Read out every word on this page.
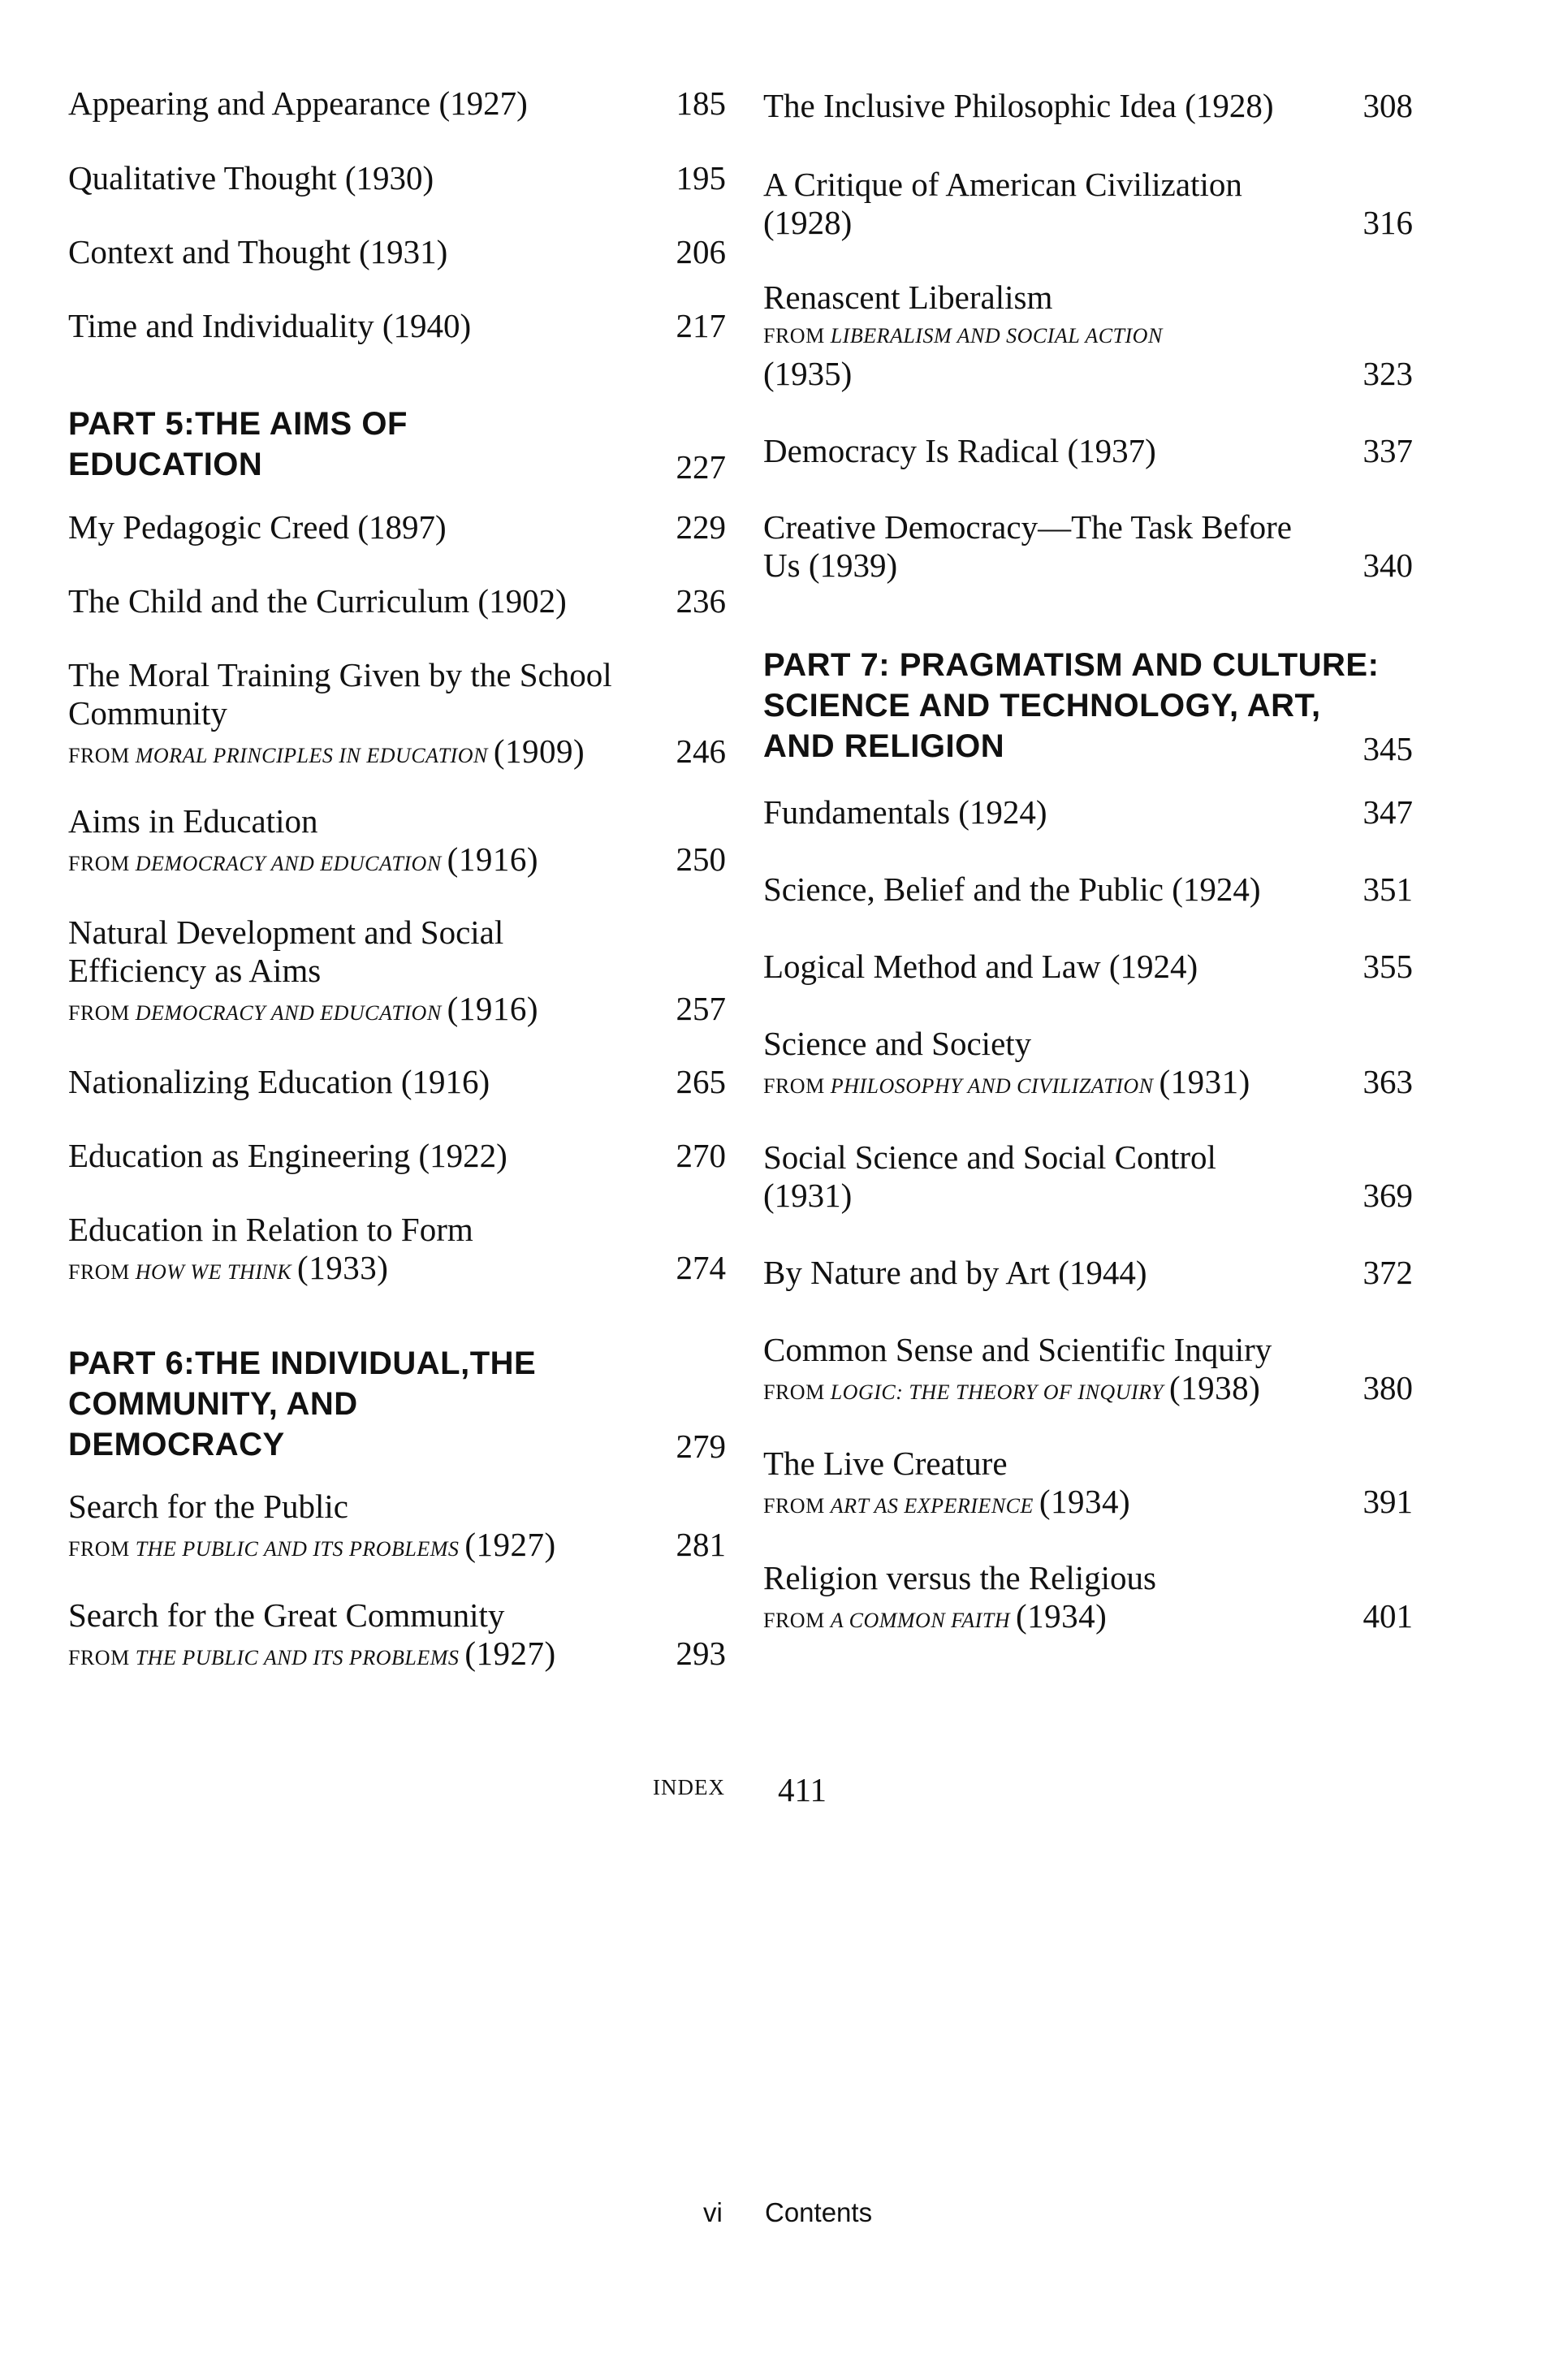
Appearing and Appearance (1927)	185
Qualitative Thought (1930)	195
Context and Thought (1931)	206
Time and Individuality (1940)	217
PART 5:THE AIMS OF
EDUCATION	227
My Pedagogic Creed (1897)	229
The Child and the Curriculum (1902)	236
The Moral Training Given by the School
Community
FROM MORAL PRINCIPLES IN EDUCATION (1909)	246
Aims in Education
FROM DEMOCRACY AND EDUCATION (1916)	250
Natural Development and Social
Efficiency as Aims
FROM DEMOCRACY AND EDUCATION (1916)	257
Nationalizing Education (1916)	265
Education as Engineering (1922)	270
Education in Relation to Form
FROM HOW WE THINK (1933)	274
PART 6:THE INDIVIDUAL,THE
COMMUNITY, AND
DEMOCRACY	279
Search for the Public
FROM THE PUBLIC AND ITS PROBLEMS (1927)	281
Search for the Great Community
FROM THE PUBLIC AND ITS PROBLEMS (1927)	293
The Inclusive Philosophic Idea (1928)	308
A Critique of American Civilization
(1928)	316
Renascent Liberalism
FROM LIBERALISM AND SOCIAL ACTION
(1935)	323
Democracy Is Radical (1937)	337
Creative Democracy—The Task Before
Us (1939)	340
PART 7: PRAGMATISM AND CULTURE:
SCIENCE AND TECHNOLOGY, ART,
AND RELIGION	345
Fundamentals (1924)	347
Science, Belief and the Public (1924)	351
Logical Method and Law (1924)	355
Science and Society
FROM PHILOSOPHY AND CIVILIZATION (1931)	363
Social Science and Social Control
(1931)	369
By Nature and by Art (1944)	372
Common Sense and Scientific Inquiry
FROM LOGIC: THE THEORY OF INQUIRY (1938)	380
The Live Creature
FROM ART AS EXPERIENCE (1934)	391
Religion versus the Religious
FROM A COMMON FAITH (1934)	401
INDEX 411
vi Contents
